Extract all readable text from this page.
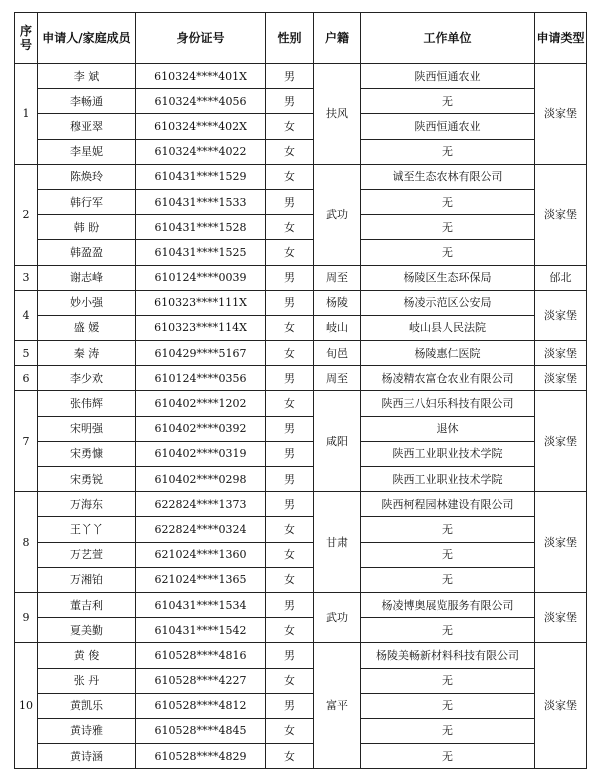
序号	申请人/家庭成员	身份证号	性别	户籍	工作单位	申请类型
1	李 斌	610324****401X	男	扶风	陕西恒通农业	淡家堡
	李畅通	610324****4056	男		无	
	穆亚翠	610324****402X	女		陕西恒通农业	
	李星妮	610324****4022	女		无	
2	陈焕玲	610431****1529	女	武功	诚至生态农林有限公司	淡家堡
	韩行军	610431****1533	男		无	
	韩 盼	610431****1528	女		无	
	韩盈盈	610431****1525	女		无	
3	谢志峰	610124****0039	男	周至	杨陵区生态环保局	邰北
4	妙小强	610323****111X	男	杨陵	杨凌示范区公安局	淡家堡
	盛 媛	610323****114X	女	岐山	岐山县人民法院	
5	秦 涛	610429****5167	女	旬邑	杨陵惠仁医院	淡家堡
6	李少欢	610124****0356	男	周至	杨凌精农富仓农业有限公司	淡家堡
7	张伟辉	610402****1202	女	咸阳	陕西三八妇乐科技有限公司	淡家堡
	宋明强	610402****0392	男		退休	
	宋勇慷	610402****0319	男		陕西工业职业技术学院	
	宋勇锐	610402****0298	男		陕西工业职业技术学院	
8	万海东	622824****1373	男	甘肃	陕西柯程园林建设有限公司	淡家堡
	王丫丫	622824****0324	女		无	
	万艺萱	621024****1360	女		无	
	万湘铂	621024****1365	女		无	
9	董吉利	610431****1534	男	武功	杨凌博奥展览服务有限公司	淡家堡
	夏美勤	610431****1542	女		无	
10	黄 俊	610528****4816	男	富平	杨陵美畅新材料科技有限公司	淡家堡
	张 丹	610528****4227	女		无	
	黄凯乐	610528****4812	男		无	
	黄诗雅	610528****4845	女		无	
	黄诗涵	610528****4829	女		无	
